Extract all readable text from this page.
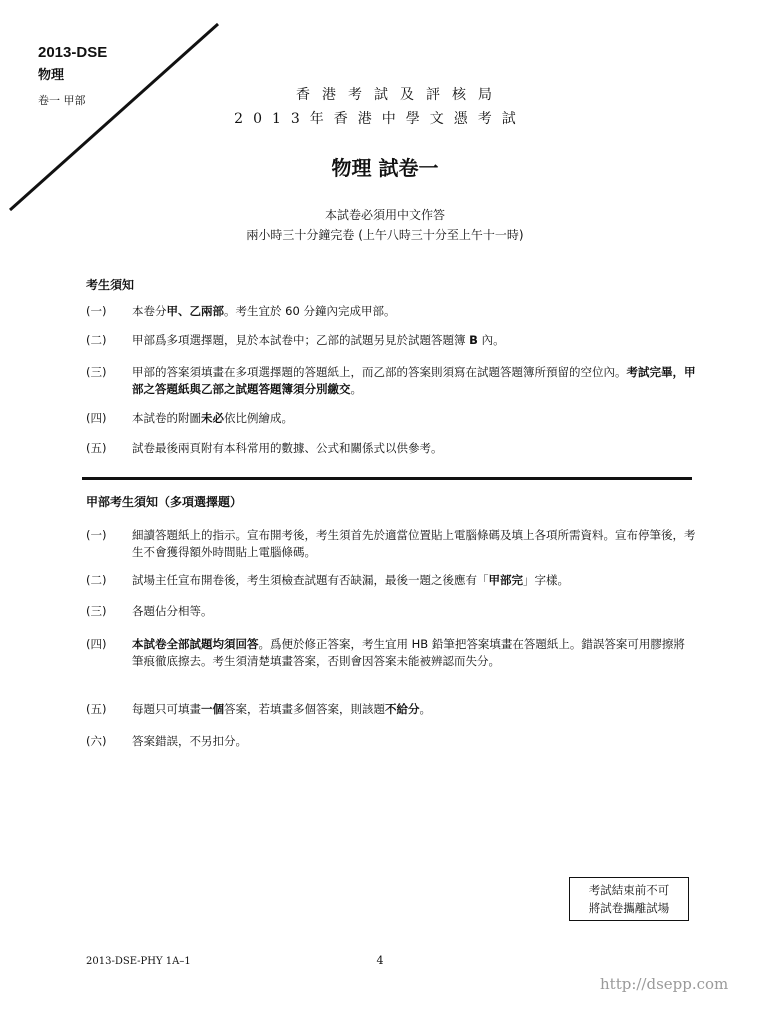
2013-DSE
物理
卷一 甲部	香港考試及評核局
2013年香港中學文憑考試
物理 試卷一
本試卷必須用中文作答
兩小時三十分鐘完卷 (上午八時三十分至上午十一時)
考生須知
(一)	本卷分甲、乙兩部。考生宜於 60 分鐘內完成甲部。
(二)	甲部爲多項選擇題，見於本試卷中；乙部的試題另見於試題答題簿 B 內。
(三)	甲部的答案須填畫在多項選擇題的答題紙上，而乙部的答案則須寫在試題答題簿所預留的空位內。考試完畢，甲部之答題紙與乙部之試題答題簿須分別繳交。
(四)	本試卷的附圖未必依比例繪成。
(五)	試卷最後兩頁附有本科常用的數據、公式和關係式以供參考。
甲部考生須知（多項選擇題）
(一)	細讀答題紙上的指示。宣布開考後，考生須首先於適當位置貼上電腦條碼及填上各項所需資料。宣布停筆後，考生不會獲得額外時間貼上電腦條碼。
(二)	試場主任宣布開卷後，考生須檢查試題有否缺漏，最後一題之後應有「甲部完」字樣。
(三)	各題佔分相等。
(四)	本試卷全部試題均須回答。爲便於修正答案，考生宜用 HB 鉛筆把答案填畫在答題紙上。錯誤答案可用膠擦將筆痕徹底擦去。考生須清楚填畫答案，否則會因答案未能被辨認而失分。
(五)	每題只可填畫一個答案，若填畫多個答案，則該題不給分。
(六)	答案錯誤，不另扣分。
考試結束前不可
將試卷攜離試場
2013-DSE-PHY 1A–1	4
http://dsepp.com
